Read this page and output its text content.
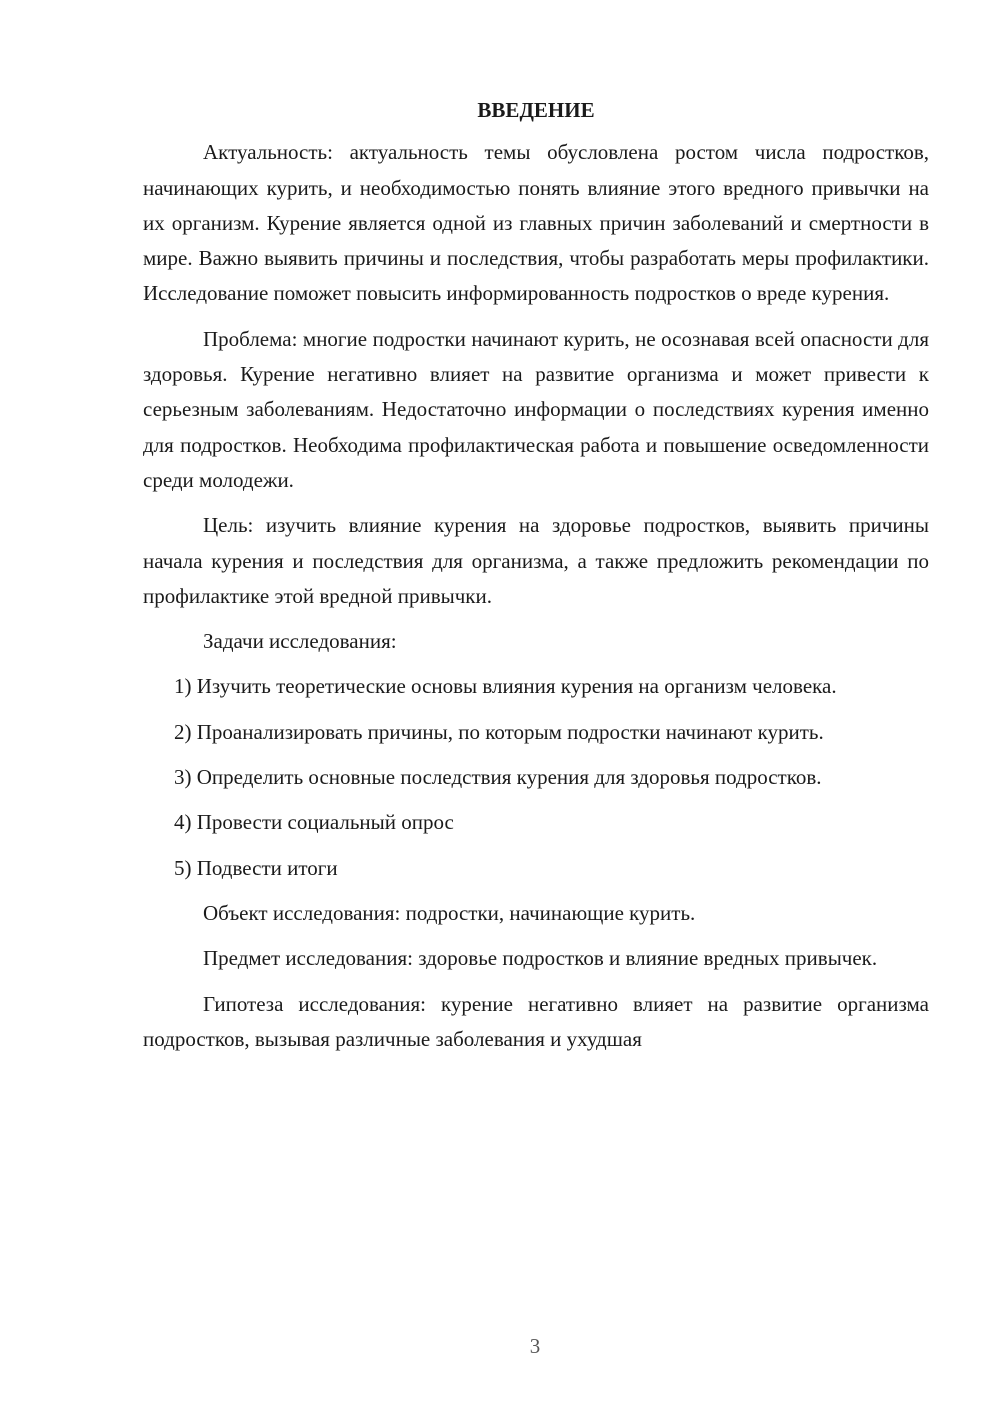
ВВЕДЕНИЕ

Актуальность: актуальность темы обусловлена ростом числа подростков, начинающих курить, и необходимостью понять влияние этого вредного привычки на их организм. Курение является одной из главных причин заболеваний и смертности в мире. Важно выявить причины и последствия, чтобы разработать меры профилактики. Исследование поможет повысить информированность подростков о вреде курения.

Проблема: многие подростки начинают курить, не осознавая всей опасности для здоровья. Курение негативно влияет на развитие организма и может привести к серьезным заболеваниям. Недостаточно информации о последствиях курения именно для подростков. Необходима профилактическая работа и повышение осведомленности среди молодежи.

Цель: изучить влияние курения на здоровье подростков, выявить причины начала курения и последствия для организма, а также предложить рекомендации по профилактике этой вредной привычки.

Задачи исследования:

1) Изучить теоретические основы влияния курения на организм человека.

2) Проанализировать причины, по которым подростки начинают курить.

3) Определить основные последствия курения для здоровья подростков.

4) Провести социальный опрос

5) Подвести итоги

Объект исследования: подростки, начинающие курить.

Предмет исследования: здоровье подростков и влияние вредных привычек.

Гипотеза исследования: курение негативно влияет на развитие организма подростков, вызывая различные заболевания и ухудшая

3
